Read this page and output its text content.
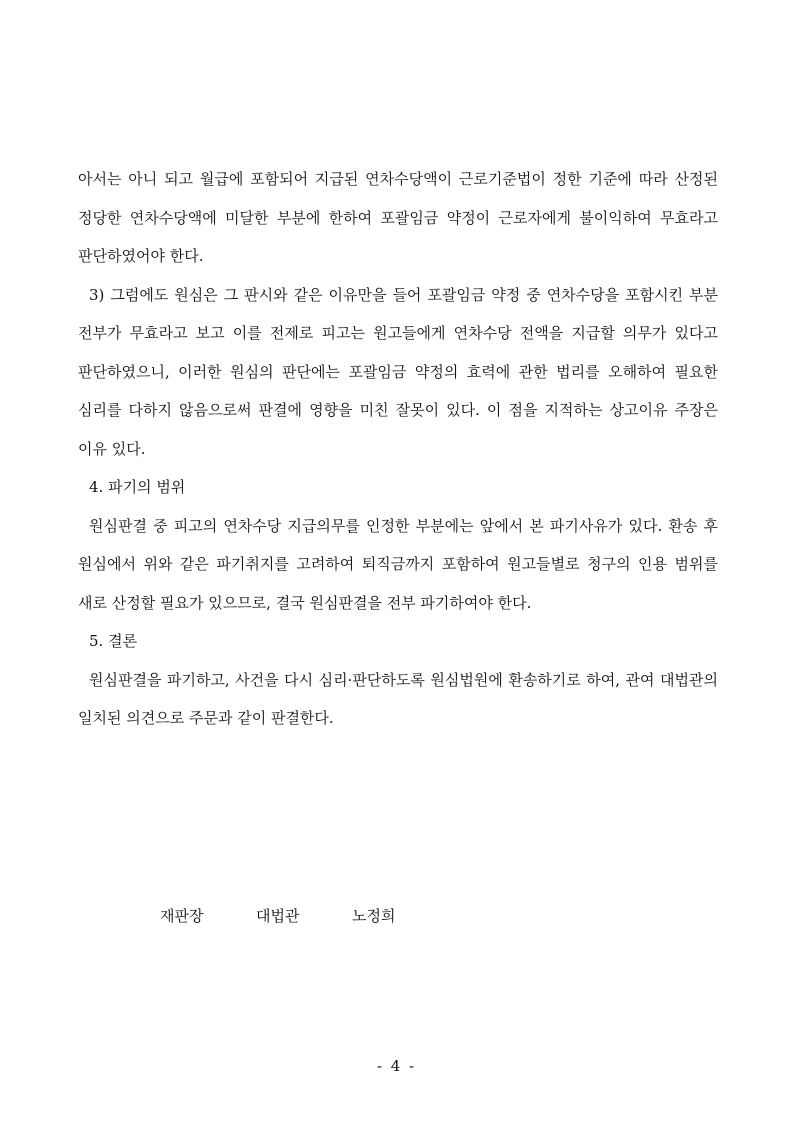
아서는 아니 되고 월급에 포함되어 지급된 연차수당액이 근로기준법이 정한 기준에 따라 산정된 정당한 연차수당액에 미달한 부분에 한하여 포괄임금 약정이 근로자에게 불이익하여 무효라고 판단하였어야 한다.

3) 그럼에도 원심은 그 판시와 같은 이유만을 들어 포괄임금 약정 중 연차수당을 포함시킨 부분 전부가 무효라고 보고 이를 전제로 피고는 원고들에게 연차수당 전액을 지급할 의무가 있다고 판단하였으니, 이러한 원심의 판단에는 포괄임금 약정의 효력에 관한 법리를 오해하여 필요한 심리를 다하지 않음으로써 판결에 영향을 미친 잘못이 있다. 이 점을 지적하는 상고이유 주장은 이유 있다.

4. 파기의 범위

원심판결 중 피고의 연차수당 지급의무를 인정한 부분에는 앞에서 본 파기사유가 있다. 환송 후 원심에서 위와 같은 파기취지를 고려하여 퇴직금까지 포함하여 원고들별로 청구의 인용 범위를 새로 산정할 필요가 있으므로, 결국 원심판결을 전부 파기하여야 한다.

5. 결론

원심판결을 파기하고, 사건을 다시 심리·판단하도록 원심법원에 환송하기로 하여, 관여 대법관의 일치된 의견으로 주문과 같이 판결한다.

재판장	대법관	노정희
- 4 -
